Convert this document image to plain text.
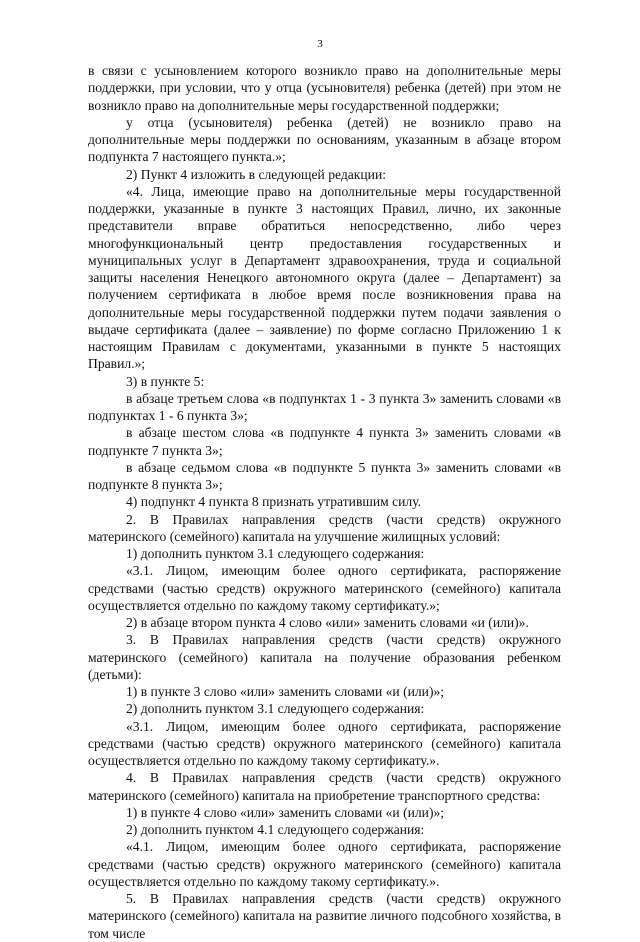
3

в связи с усыновлением которого возникло право на дополнительные меры поддержки, при условии, что у отца (усыновителя) ребенка (детей) при этом не возникло право на дополнительные меры государственной поддержки;

у отца (усыновителя) ребенка (детей) не возникло право на дополнительные меры поддержки по основаниям, указанным в абзаце втором подпункта 7 настоящего пункта.»;

2) Пункт 4 изложить в следующей редакции:

«4. Лица, имеющие право на дополнительные меры государственной поддержки, указанные в пункте 3 настоящих Правил, лично, их законные представители вправе обратиться непосредственно, либо через многофункциональный центр предоставления государственных и муниципальных услуг в Департамент здравоохранения, труда и социальной защиты населения Ненецкого автономного округа (далее – Департамент) за получением сертификата в любое время после возникновения права на дополнительные меры государственной поддержки путем подачи заявления о выдаче сертификата (далее – заявление) по форме согласно Приложению 1 к настоящим Правилам с документами, указанными в пункте 5 настоящих Правил.»;

3) в пункте 5:

в абзаце третьем слова «в подпунктах 1 - 3 пункта 3» заменить словами «в подпунктах 1 - 6 пункта 3»;

в абзаце шестом слова «в подпункте 4 пункта 3» заменить словами «в подпункте 7 пункта 3»;

в абзаце седьмом слова «в подпункте 5 пункта 3» заменить словами «в подпункте 8 пункта 3»;

4) подпункт 4 пункта 8 признать утратившим силу.

2. В Правилах направления средств (части средств) окружного материнского (семейного) капитала на улучшение жилищных условий:

1) дополнить пунктом 3.1 следующего содержания:

«3.1. Лицом, имеющим более одного сертификата, распоряжение средствами (частью средств) окружного материнского (семейного) капитала осуществляется отдельно по каждому такому сертификату.»;

2) в абзаце втором пункта 4 слово «или» заменить словами «и (или)».

3. В Правилах направления средств (части средств) окружного материнского (семейного) капитала на получение образования ребенком (детьми):

1) в пункте 3 слово «или» заменить словами «и (или)»;

2) дополнить пунктом 3.1 следующего содержания:

«3.1. Лицом, имеющим более одного сертификата, распоряжение средствами (частью средств) окружного материнского (семейного) капитала осуществляется отдельно по каждому такому сертификату.».

4. В Правилах направления средств (части средств) окружного материнского (семейного) капитала на приобретение транспортного средства:

1) в пункте 4 слово «или» заменить словами «и (или)»;

2) дополнить пунктом 4.1 следующего содержания:

«4.1. Лицом, имеющим более одного сертификата, распоряжение средствами (частью средств) окружного материнского (семейного) капитала осуществляется отдельно по каждому такому сертификату.».

5. В Правилах направления средств (части средств) окружного материнского (семейного) капитала на развитие личного подсобного хозяйства, в том числе
